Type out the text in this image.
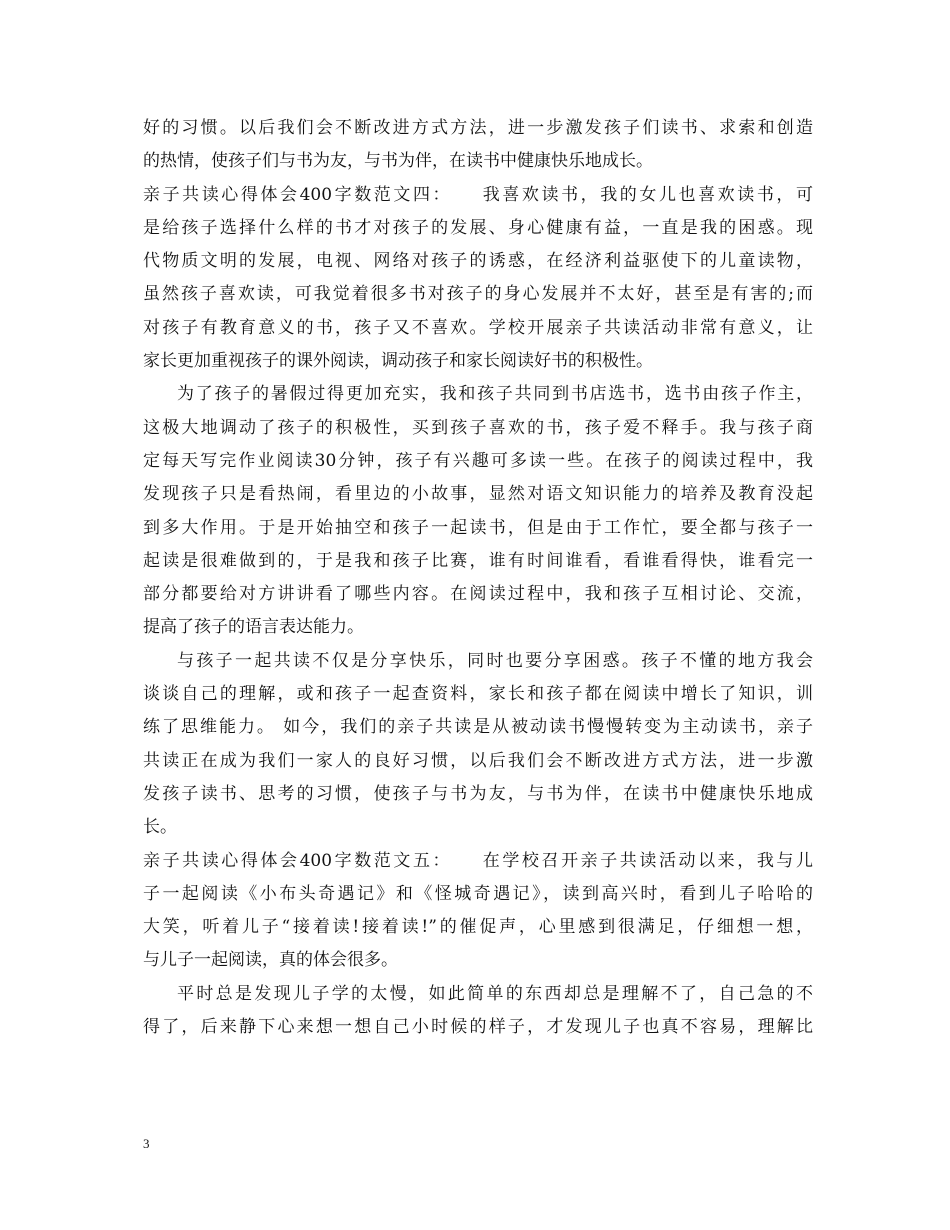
好的习惯。以后我们会不断改进方式方法，进一步激发孩子们读书、求索和创造
的热情，使孩子们与书为友，与书为伴，在读书中健康快乐地成长。
亲子共读心得体会400字数范文四：　　我喜欢读书，我的女儿也喜欢读书，可
是给孩子选择什么样的书才对孩子的发展、身心健康有益，一直是我的困惑。现
代物质文明的发展，电视、网络对孩子的诱惑，在经济利益驱使下的儿童读物，
虽然孩子喜欢读，可我觉着很多书对孩子的身心发展并不太好，甚至是有害的;而
对孩子有教育意义的书，孩子又不喜欢。学校开展亲子共读活动非常有意义，让
家长更加重视孩子的课外阅读，调动孩子和家长阅读好书的积极性。
为了孩子的暑假过得更加充实，我和孩子共同到书店选书，选书由孩子作主，
这极大地调动了孩子的积极性，买到孩子喜欢的书，孩子爱不释手。我与孩子商
定每天写完作业阅读30分钟，孩子有兴趣可多读一些。在孩子的阅读过程中，我
发现孩子只是看热闹，看里边的小故事，显然对语文知识能力的培养及教育没起
到多大作用。于是开始抽空和孩子一起读书，但是由于工作忙，要全都与孩子一
起读是很难做到的，于是我和孩子比赛，谁有时间谁看，看谁看得快，谁看完一
部分都要给对方讲讲看了哪些内容。在阅读过程中，我和孩子互相讨论、交流，
提高了孩子的语言表达能力。
与孩子一起共读不仅是分享快乐，同时也要分享困惑。孩子不懂的地方我会
谈谈自己的理解，或和孩子一起查资料，家长和孩子都在阅读中增长了知识，训
练了思维能力。 如今，我们的亲子共读是从被动读书慢慢转变为主动读书，亲子
共读正在成为我们一家人的良好习惯，以后我们会不断改进方式方法，进一步激
发孩子读书、思考的习惯，使孩子与书为友，与书为伴，在读书中健康快乐地成
长。
亲子共读心得体会400字数范文五：　　在学校召开亲子共读活动以来，我与儿
子一起阅读《小布头奇遇记》和《怪城奇遇记》，读到高兴时，看到儿子哈哈的
大笑，听着儿子“接着读!接着读!”的催促声，心里感到很满足，仔细想一想，
与儿子一起阅读，真的体会很多。
平时总是发现儿子学的太慢，如此简单的东西却总是理解不了，自己急的不
得了，后来静下心来想一想自己小时候的样子，才发现儿子也真不容易，理解比
3
